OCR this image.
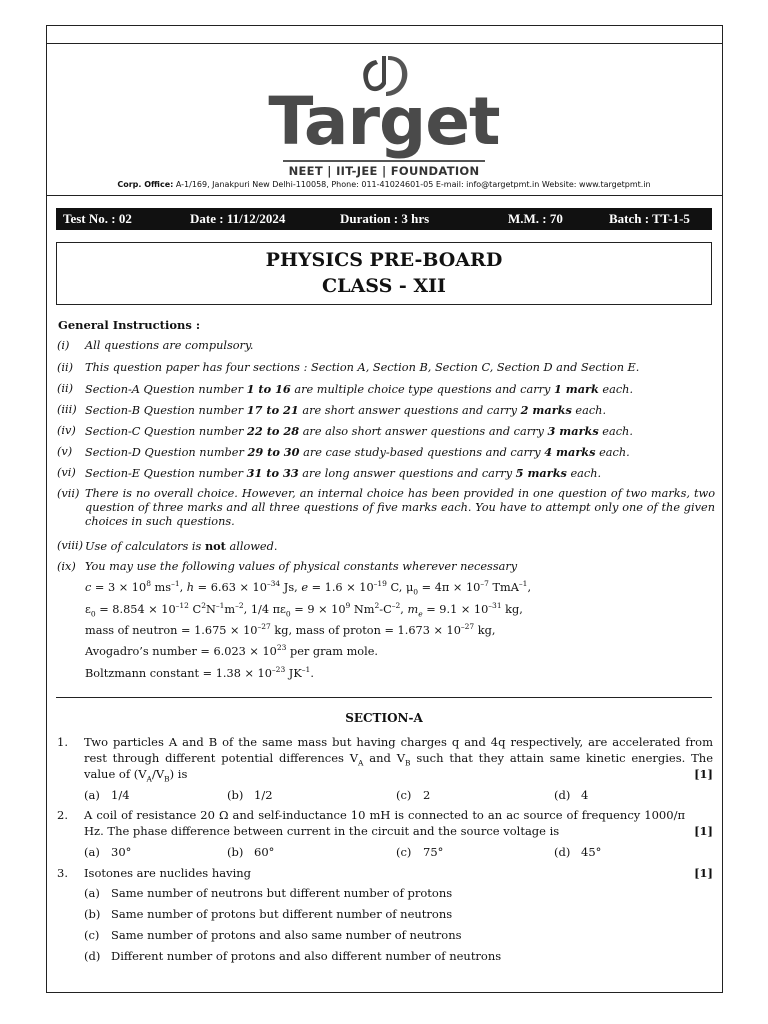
Target
NEET | IIT-JEE | FOUNDATION
Corp. Office: A-1/169, Janakpuri New Delhi-110058, Phone: 011-41024601-05 E-mail: info@targetpmt.in Website: www.targetpmt.in
Test No. : 02	Date : 11/12/2024	Duration : 3 hrs	M.M. : 70	Batch : TT-1-5
PHYSICS PRE-BOARD
CLASS - XII
General Instructions :
(i) All questions are compulsory.
(ii) This question paper has four sections : Section A, Section B, Section C, Section D and Section E.
(ii) Section-A Question number 1 to 16 are multiple choice type questions and carry 1 mark each.
(iii) Section-B Question number 17 to 21 are short answer questions and carry 2 marks each.
(iv) Section-C Question number 22 to 28 are also short answer questions and carry 3 marks each.
(v) Section-D Question number 29 to 30 are case study-based questions and carry 4 marks each.
(vi) Section-E Question number 31 to 33 are long answer questions and carry 5 marks each.
(vii) There is no overall choice. However, an internal choice has been provided in one question of two marks, two question of three marks and all three questions of five marks each. You have to attempt only one of the given choices in such questions.
(viii) Use of calculators is not allowed.
(ix) You may use the following values of physical constants wherever necessary
$c = 3 \times 10^8$ $ms^{-1}$, $h = 6.63 \times 10^{-34}$ Js, $e = 1.6 \times 10^{-19}$ C, $\mu_0 = 4\pi \times 10^{-7}$ TmA$^{-1}$,
$\varepsilon_0 = 8.854 \times 10^{-12}$ $C^2N^{-1}m^{-2}$, 1/4 $\pi\varepsilon_0 = 9 \times 10^9$ $Nm^2-C^{-2}$, $m_e = 9.1 \times 10^{-31}$ kg,
mass of neutron = $1.675 \times 10^{-27}$ kg, mass of proton = $1.673 \times 10^{-27}$ kg,
Avogadro’s number = $6.023 \times 10^{23}$ per gram mole.
Boltzmann constant = $1.38 \times 10^{-23}$ $JK^{-1}$.
SECTION-A
1. Two particles A and B of the same mass but having charges q and 4q respectively, are accelerated from rest through different potential differences $V_A$ and $V_B$ such that they attain same kinetic energies. The value of $(V_A/V_B)$ is	[1]
(a) 1/4	(b) 1/2	(c) 2	(d) 4
2. A coil of resistance 20 Ω and self-inductance 10 mH is connected to an ac source of frequency 1000/π Hz. The phase difference between current in the circuit and the source voltage is	[1]
(a) 30°	(b) 60°	(c) 75°	(d) 45°
3. Isotones are nuclides having	[1]
(a) Same number of neutrons but different number of protons
(b) Same number of protons but different number of neutrons
(c) Same number of protons and also same number of neutrons
(d) Different number of protons and also different number of neutrons
